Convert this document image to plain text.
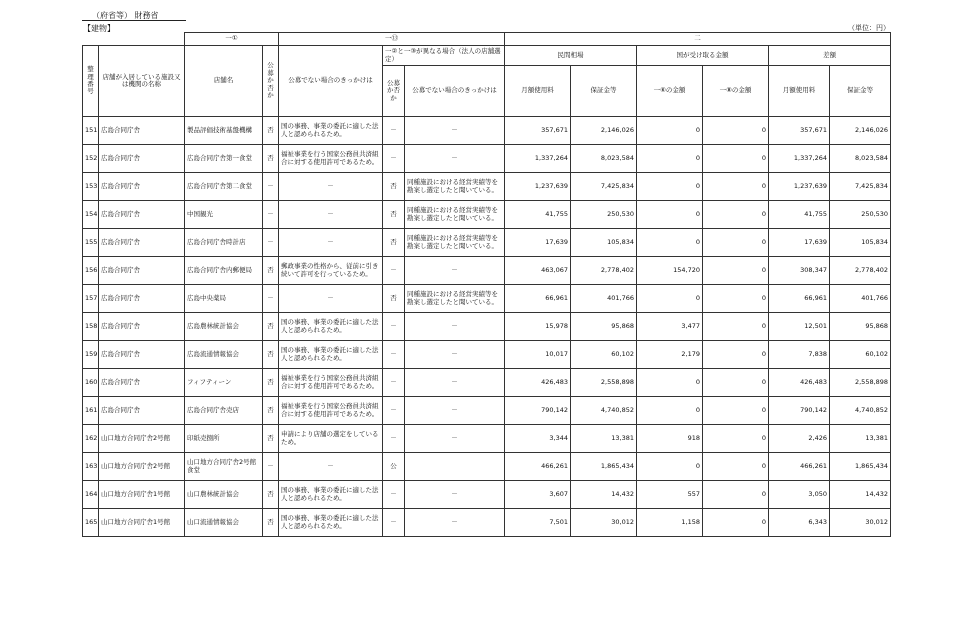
（府省等） 財務省
【建物】	（単位：円）
		一①		一⑬			二					
整理番号	店舗が入居している施設又は機関の名称	店舗名	公募か否か	公募でない場合のきっかけは	一②と一③が異なる場合（法人の店舗選定）		民間相場		国が受け取る金額		差額	
					公募か否か	公募でない場合のきっかけは	月額使用料	保証金等	一⑥の金額	一⑧の金額	月額使用料	保証金等
151	広島合同庁舎	製品評価技術基盤機構	否	国の事務、事業の委託に適した法人と認められるため。	－	－	357,671	2,146,026	0	0	357,671	2,146,026
152	広島合同庁舎	広島合同庁舎第一食堂	否	福祉事業を行う国家公務員共済組合に対する使用許可であるため。	－	－	1,337,264	8,023,584	0	0	1,337,264	8,023,584
153	広島合同庁舎	広島合同庁舎第二食堂	－	－	否	同種施設における経営実績等を勘案し選定したと聞いている。	1,237,639	7,425,834	0	0	1,237,639	7,425,834
154	広島合同庁舎	中国観光	－	－	否	同種施設における経営実績等を勘案し選定したと聞いている。	41,755	250,530	0	0	41,755	250,530
155	広島合同庁舎	広島合同庁舎時計店	－	－	否	同種施設における経営実績等を勘案し選定したと聞いている。	17,639	105,834	0	0	17,639	105,834
156	広島合同庁舎	広島合同庁舎内郵便局	否	郵政事業の性格から、従前に引き続いて許可を行っているため。	－	－	463,067	2,778,402	154,720	0	308,347	2,778,402
157	広島合同庁舎	広島中央薬局	－	－	否	同種施設における経営実績等を勘案し選定したと聞いている。	66,961	401,766	0	0	66,961	401,766
158	広島合同庁舎	広島農林統計協会	否	国の事務、事業の委託に適した法人と認められるため。	－	－	15,978	95,868	3,477	0	12,501	95,868
159	広島合同庁舎	広島流通情報協会	否	国の事務、事業の委託に適した法人と認められるため。	－	－	10,017	60,102	2,179	0	7,838	60,102
160	広島合同庁舎	フィフティーン	否	福祉事業を行う国家公務員共済組合に対する使用許可であるため。	－	－	426,483	2,558,898	0	0	426,483	2,558,898
161	広島合同庁舎	広島合同庁舎売店	否	福祉事業を行う国家公務員共済組合に対する使用許可であるため。	－	－	790,142	4,740,852	0	0	790,142	4,740,852
162	山口地方合同庁舎2号館	印紙売捌所	否	申請により店舗の選定をしているため。	－	－	3,344	13,381	918	0	2,426	13,381
163	山口地方合同庁舎2号館	山口地方合同庁舎2号館食堂	－	－	公		466,261	1,865,434	0	0	466,261	1,865,434
164	山口地方合同庁舎1号館	山口農林統計協会	否	国の事務、事業の委託に適した法人と認められるため。	－	－	3,607	14,432	557	0	3,050	14,432
165	山口地方合同庁舎1号館	山口流通情報協会	否	国の事務、事業の委託に適した法人と認められるため。	－	－	7,501	30,012	1,158	0	6,343	30,012
